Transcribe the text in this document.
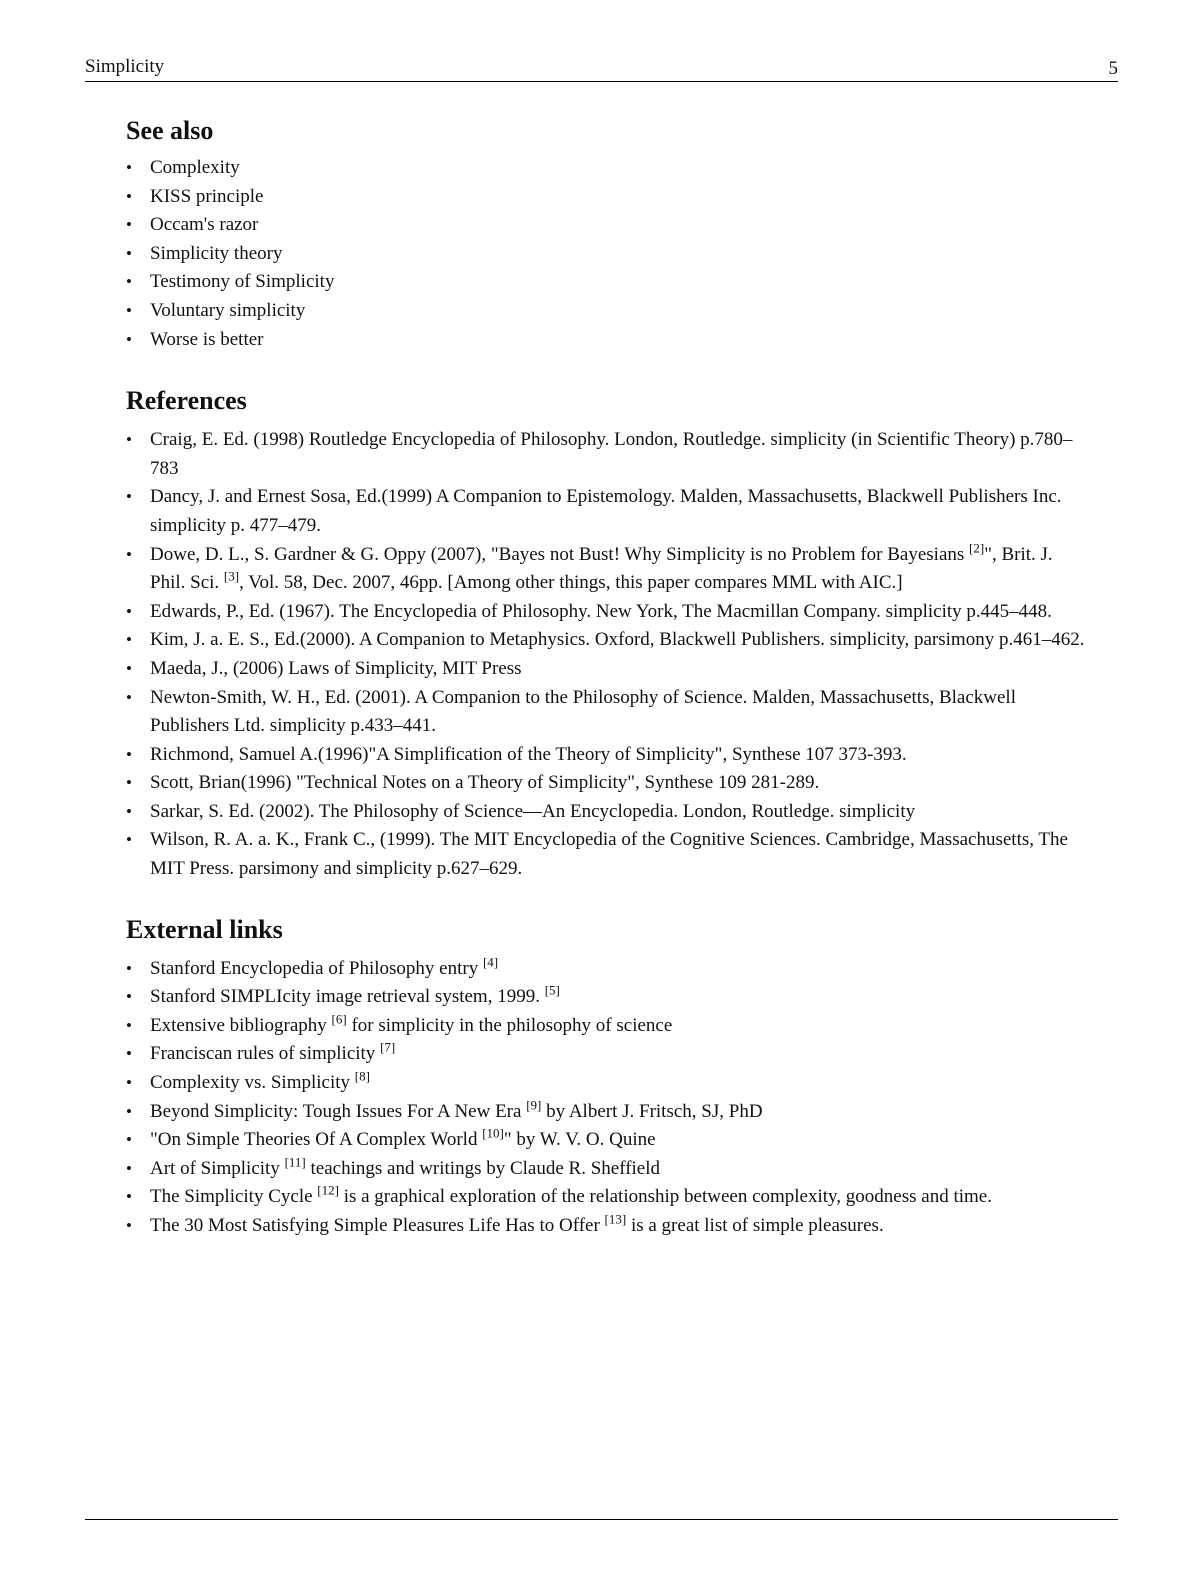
Simplicity	5
See also
• Complexity
• KISS principle
• Occam's razor
• Simplicity theory
• Testimony of Simplicity
• Voluntary simplicity
• Worse is better
References
• Craig, E. Ed. (1998) Routledge Encyclopedia of Philosophy. London, Routledge. simplicity (in Scientific Theory) p.780–783
• Dancy, J. and Ernest Sosa, Ed.(1999) A Companion to Epistemology. Malden, Massachusetts, Blackwell Publishers Inc. simplicity p. 477–479.
• Dowe, D. L., S. Gardner & G. Oppy (2007), "Bayes not Bust! Why Simplicity is no Problem for Bayesians [2]", Brit. J. Phil. Sci. [3], Vol. 58, Dec. 2007, 46pp. [Among other things, this paper compares MML with AIC.]
• Edwards, P., Ed. (1967). The Encyclopedia of Philosophy. New York, The Macmillan Company. simplicity p.445–448.
• Kim, J. a. E. S., Ed.(2000). A Companion to Metaphysics. Oxford, Blackwell Publishers. simplicity, parsimony p.461–462.
• Maeda, J., (2006) Laws of Simplicity, MIT Press
• Newton-Smith, W. H., Ed. (2001). A Companion to the Philosophy of Science. Malden, Massachusetts, Blackwell Publishers Ltd. simplicity p.433–441.
• Richmond, Samuel A.(1996)"A Simplification of the Theory of Simplicity", Synthese 107 373-393.
• Scott, Brian(1996) "Technical Notes on a Theory of Simplicity", Synthese 109 281-289.
• Sarkar, S. Ed. (2002). The Philosophy of Science—An Encyclopedia. London, Routledge. simplicity
• Wilson, R. A. a. K., Frank C., (1999). The MIT Encyclopedia of the Cognitive Sciences. Cambridge, Massachusetts, The MIT Press. parsimony and simplicity p.627–629.
External links
• Stanford Encyclopedia of Philosophy entry [4]
• Stanford SIMPLIcity image retrieval system, 1999. [5]
• Extensive bibliography [6] for simplicity in the philosophy of science
• Franciscan rules of simplicity [7]
• Complexity vs. Simplicity [8]
• Beyond Simplicity: Tough Issues For A New Era [9] by Albert J. Fritsch, SJ, PhD
• "On Simple Theories Of A Complex World [10]" by W. V. O. Quine
• Art of Simplicity [11] teachings and writings by Claude R. Sheffield
• The Simplicity Cycle [12] is a graphical exploration of the relationship between complexity, goodness and time.
• The 30 Most Satisfying Simple Pleasures Life Has to Offer [13] is a great list of simple pleasures.
